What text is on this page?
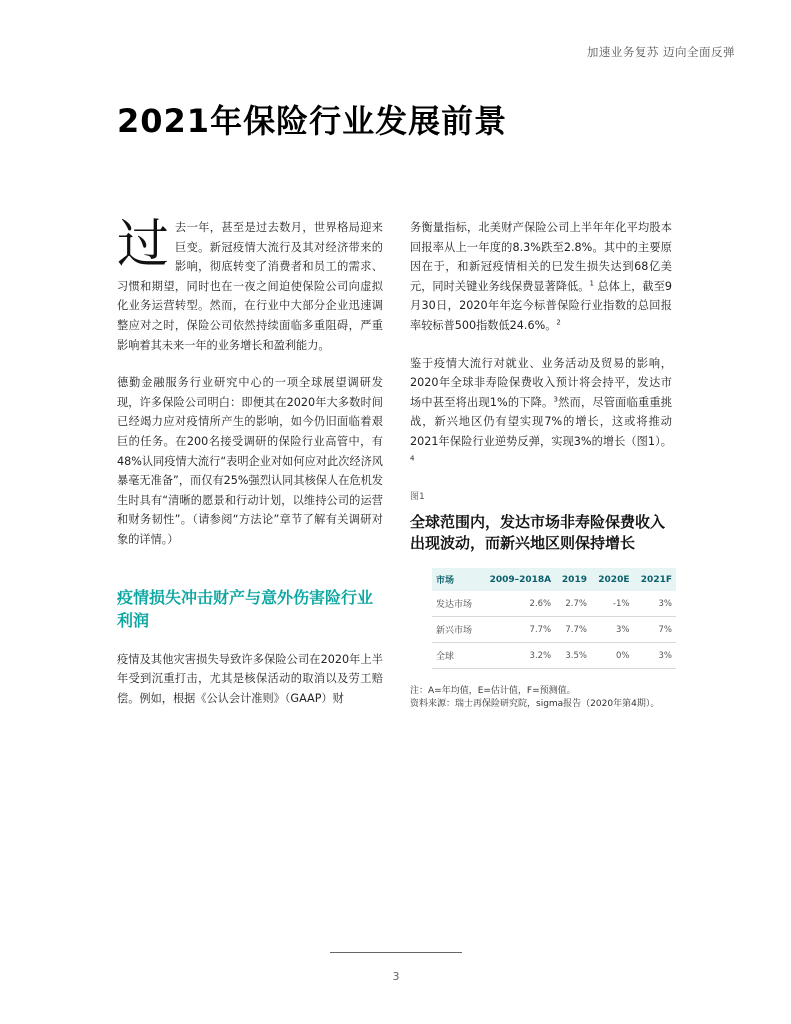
加速业务复苏 迈向全面反弹
2021年保险行业发展前景

过去一年，甚至是过去数月，世界格局迎来巨变。新冠疫情大流行及其对经济带来的影响，彻底转变了消费者和员工的需求、习惯和期望，同时也在一夜之间迫使保险公司向虚拟化业务运营转型。然而，在行业中大部分企业迅速调整应对之时，保险公司依然持续面临多重阻碍，严重影响着其未来一年的业务增长和盈利能力。

德勤金融服务行业研究中心的一项全球展望调研发现，许多保险公司明白：即便其在2020年大多数时间已经竭力应对疫情所产生的影响，如今仍旧面临着艰巨的任务。在200名接受调研的保险行业高管中，有48%认同疫情大流行“表明企业对如何应对此次经济风暴毫无准备”，而仅有25%强烈认同其核保人在危机发生时具有“清晰的愿景和行动计划，以维持公司的运营和财务韧性”。（请参阅“方法论”章节了解有关调研对象的详情。）

疫情损失冲击财产与意外伤害险行业利润

疫情及其他灾害损失导致许多保险公司在2020年上半年受到沉重打击，尤其是核保活动的取消以及劳工赔偿。例如，根据《公认会计准则》（GAAP）财

务衡量指标，北美财产保险公司上半年年化平均股本回报率从上一年度的8.3%跌至2.8%。其中的主要原因在于，和新冠疫情相关的巳发生损失达到68亿美元，同时关键业务线保费显著降低。$^1$ 总体上，截至9月30日，2020年年迄今标普保险行业指数的总回报率较标普500指数低24.6%。$^2$

鉴于疫情大流行对就业、业务活动及贸易的影响，2020年全球非寿险保费收入预计将会持平，发达市场中甚至将出现1%的下降。$^3$然而，尽管面临重重挑战，新兴地区仍有望实现7%的增长，这或将推动2021年保险行业逆势反弹，实现3%的增长（图1）。$^4$

图1
全球范围内，发达市场非寿险保费收入出现波动，而新兴地区则保持增长
市场	2009–2018A	2019	2020E	2021F
发达市场	2.6%	2.7%	-1%	3%
新兴市场	7.7%	7.7%	3%	7%
全球	3.2%	3.5%	0%	3%
注：A=年均值，E=估计值，F=预测值。
资料来源：瑞士再保险研究院，sigma报告（2020年第4期）。
3
